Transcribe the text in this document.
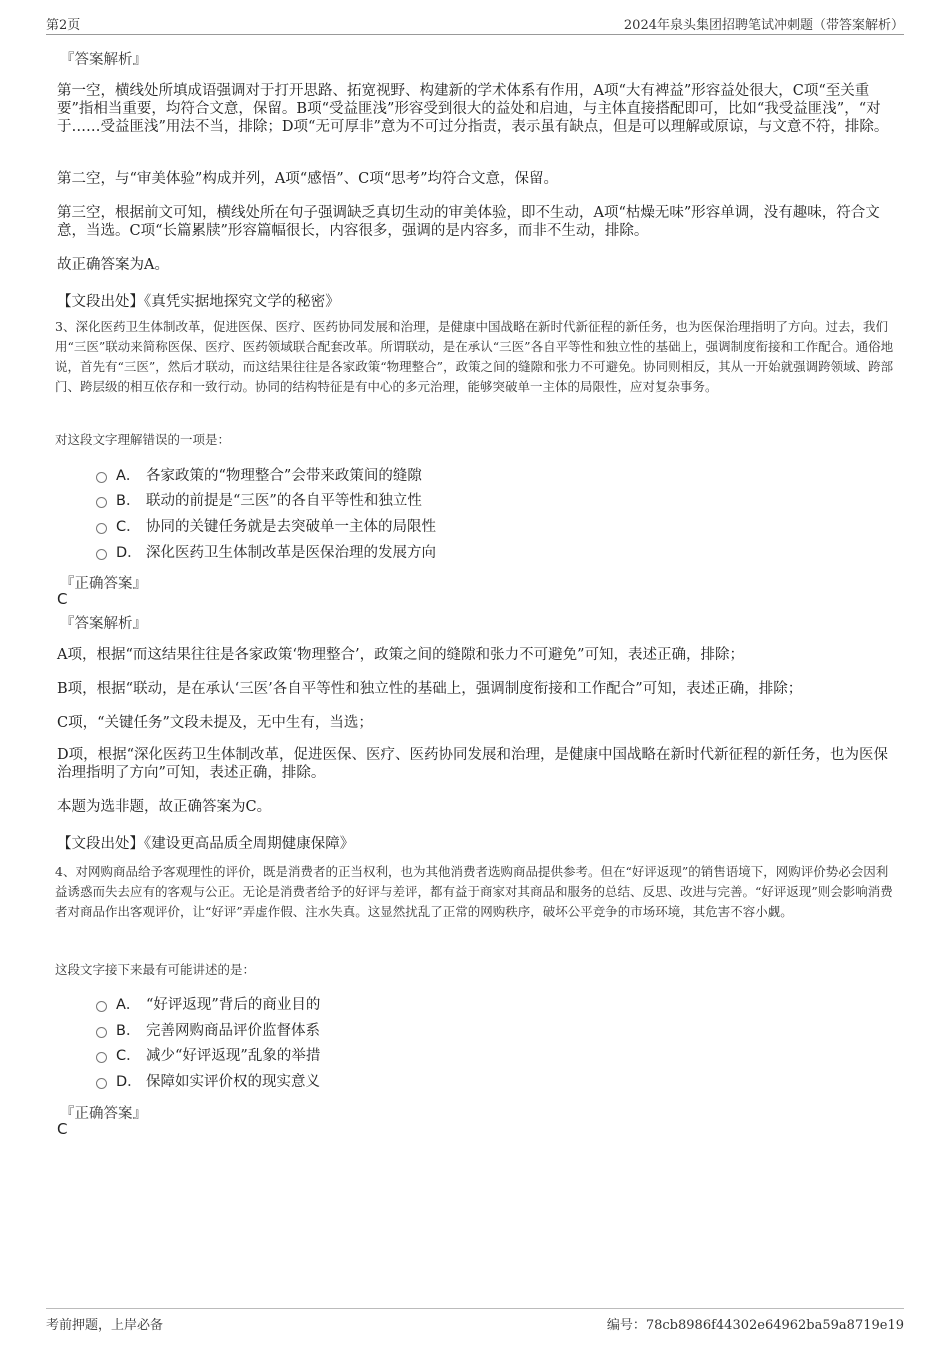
第2页	2024年泉头集团招聘笔试冲刺题（带答案解析）
『答案解析』

第一空，横线处所填成语强调对于打开思路、拓宽视野、构建新的学术体系有作用，A项“大有裨益”形容益处很大，C项“至关重要”指相当重要，均符合文意，保留。B项“受益匪浅”形容受到很大的益处和启迪，与主体直接搭配即可，比如“我受益匪浅”，“对于……受益匪浅”用法不当，排除；D项“无可厚非”意为不可过分指责，表示虽有缺点，但是可以理解或原谅，与文意不符，排除。

第二空，与“审美体验”构成并列，A项“感悟”、C项“思考”均符合文意，保留。

第三空，根据前文可知，横线处所在句子强调缺乏真切生动的审美体验，即不生动，A项“枯燥无味”形容单调，没有趣味，符合文意，当选。C项“长篇累牍”形容篇幅很长，内容很多，强调的是内容多，而非不生动，排除。

故正确答案为A。

【文段出处】《真凭实据地探究文学的秘密》

3、深化医药卫生体制改革，促进医保、医疗、医药协同发展和治理，是健康中国战略在新时代新征程的新任务，也为医保治理指明了方向。过去，我们用“三医”联动来简称医保、医疗、医药领域联合配套改革。所谓联动，是在承认“三医”各自平等性和独立性的基础上，强调制度衔接和工作配合。通俗地说，首先有“三医”，然后才联动，而这结果往往是各家政策“物理整合”，政策之间的缝隙和张力不可避免。协同则相反，其从一开始就强调跨领域、跨部门、跨层级的相互依存和一致行动。协同的结构特征是有中心的多元治理，能够突破单一主体的局限性，应对复杂事务。

对这段文字理解错误的一项是：
A． 各家政策的“物理整合”会带来政策间的缝隙
B． 联动的前提是“三医”的各自平等性和独立性
C． 协同的关键任务就是去突破单一主体的局限性
D． 深化医药卫生体制改革是医保治理的发展方向
『正确答案』
C
『答案解析』

A项，根据“而这结果往往是各家政策‘物理整合’，政策之间的缝隙和张力不可避免”可知，表述正确，排除；

B项，根据“联动，是在承认‘三医’各自平等性和独立性的基础上，强调制度衔接和工作配合”可知，表述正确，排除；

C项，“关键任务”文段未提及，无中生有，当选；

D项，根据“深化医药卫生体制改革，促进医保、医疗、医药协同发展和治理，是健康中国战略在新时代新征程的新任务，也为医保治理指明了方向”可知，表述正确，排除。

本题为选非题，故正确答案为C。

【文段出处】《建设更高品质全周期健康保障》

4、对网购商品给予客观理性的评价，既是消费者的正当权利，也为其他消费者选购商品提供参考。但在“好评返现”的销售语境下，网购评价势必会因利益诱惑而失去应有的客观与公正。无论是消费者给予的好评与差评，都有益于商家对其商品和服务的总结、反思、改进与完善。“好评返现”则会影响消费者对商品作出客观评价，让“好评”弄虚作假、注水失真。这显然扰乱了正常的网购秩序，破坏公平竞争的市场环境，其危害不容小觑。

这段文字接下来最有可能讲述的是：
A． “好评返现”背后的商业目的
B． 完善网购商品评价监督体系
C． 减少“好评返现”乱象的举措
D． 保障如实评价权的现实意义
『正确答案』
C
考前押题，上岸必备	编号：78cb8986f44302e64962ba59a8719e19
